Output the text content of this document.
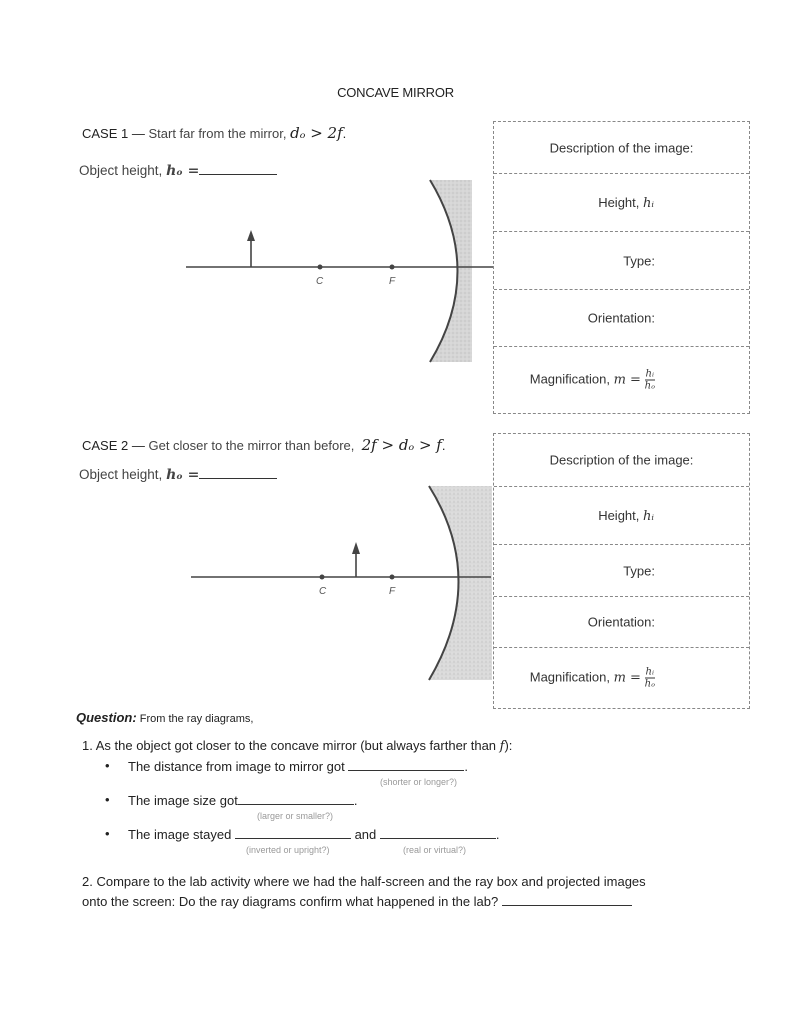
CONCAVE MIRROR
CASE 1 — Start far from the mirror, dₒ > 2f.
Object height, hₒ =
C	F
Description of the image:
Height, hᵢ
Type:
Orientation:
Magnification, $m = \frac{\text{hᵢ}}{\text{hₒ}}$
CASE 2 — Get closer to the mirror than before,  2f > dₒ > f.
Object height, hₒ =
C	F
Description of the image:
Height, hᵢ
Type:
Orientation:
Magnification, $m = \frac{\text{hᵢ}}{\text{hₒ}}$
Question: From the ray diagrams,
1. As the object got closer to the concave mirror (but always farther than f):
• The distance from image to mirror got	.
(shorter or longer?)
• The image size got	.
(larger or smaller?)
• The image stayed	and	.
(inverted or upright?)	(real or virtual?)
2. Compare to the lab activity where we had the half-screen and the ray box and projected images
onto the screen: Do the ray diagrams confirm what happened in the lab?
